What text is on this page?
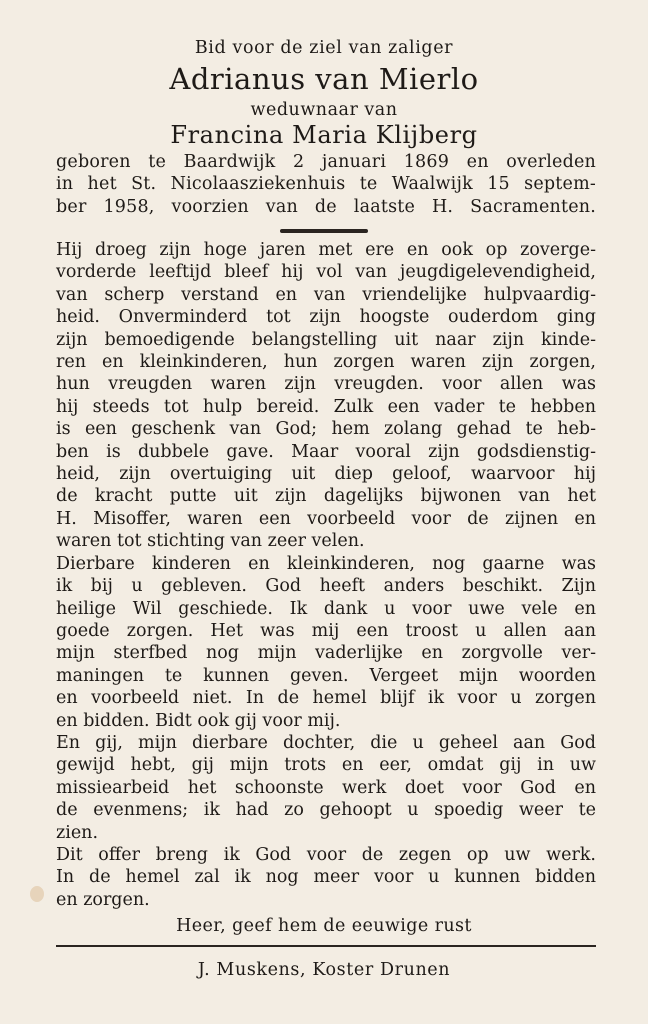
Bid voor de ziel van zaliger
Adrianus van Mierlo
weduwnaar van
Francina Maria Klijberg
geboren te Baardwijk 2 januari 1869 en overleden
in het St. Nicolaasziekenhuis te Waalwijk 15 septem-
ber 1958, voorzien van de laatste H. Sacramenten.
Hij droeg zijn hoge jaren met ere en ook op zoverge-
vorderde leeftijd bleef hij vol van jeugdigelevendigheid,
van scherp verstand en van vriendelijke hulpvaardig-
heid. Onverminderd tot zijn hoogste ouderdom ging
zijn bemoedigende belangstelling uit naar zijn kinde-
ren en kleinkinderen, hun zorgen waren zijn zorgen,
hun vreugden waren zijn vreugden. voor allen was
hij steeds tot hulp bereid. Zulk een vader te hebben
is een geschenk van God; hem zolang gehad te heb-
ben is dubbele gave. Maar vooral zijn godsdienstig-
heid, zijn overtuiging uit diep geloof, waarvoor hij
de kracht putte uit zijn dagelijks bijwonen van het
H. Misoffer, waren een voorbeeld voor de zijnen en
waren tot stichting van zeer velen.
Dierbare kinderen en kleinkinderen, nog gaarne was
ik bij u gebleven. God heeft anders beschikt. Zijn
heilige Wil geschiede. Ik dank u voor uwe vele en
goede zorgen. Het was mij een troost u allen aan
mijn sterfbed nog mijn vaderlijke en zorgvolle ver-
maningen te kunnen geven. Vergeet mijn woorden
en voorbeeld niet. In de hemel blijf ik voor u zorgen
en bidden. Bidt ook gij voor mij.
En gij, mijn dierbare dochter, die u geheel aan God
gewijd hebt, gij mijn trots en eer, omdat gij in uw
missiearbeid het schoonste werk doet voor God en
de evenmens; ik had zo gehoopt u spoedig weer te
zien.
Dit offer breng ik God voor de zegen op uw werk.
In de hemel zal ik nog meer voor u kunnen bidden
en zorgen.
Heer, geef hem de eeuwige rust
J. Muskens, Koster Drunen
